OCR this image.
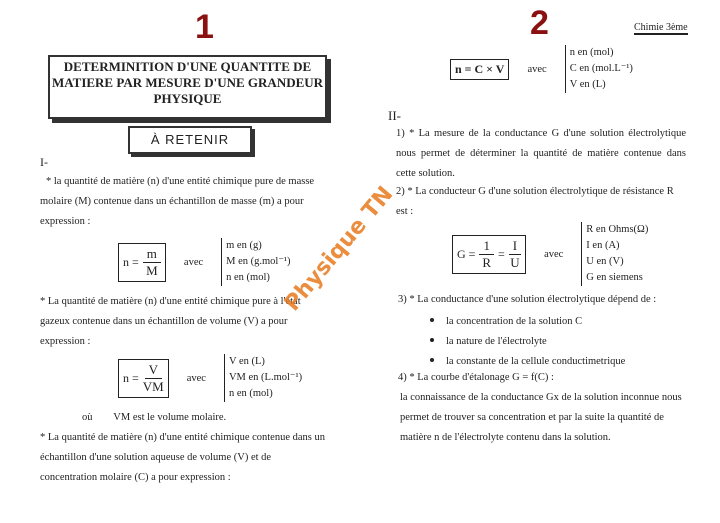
1	2	Chimie 3ème
DETERMINITION D'UNE QUANTITE DE MATIERE PAR MESURE D'UNE GRANDEUR PHYSIQUE
À RETENIR
I-
* la quantité de matière (n) d'une entité chimique pure de masse molaire (M) contenue dans un échantillon de masse (m) a pour expression :
$n = \frac{m}{M}$ avec
m en (g)
M en (g.mol⁻¹)
n en (mol)
* La quantité de matière (n) d'une entité chimique pure à l'état gazeux contenue dans un échantillon de volume (V) a pour expression :
$n = \frac{V}{VM}$ avec
V en (L)
VM en (L.mol⁻¹)
n en (mol)
où        VM est le volume molaire.
* La quantité de matière (n) d'une entité chimique contenue dans un échantillon d'une solution aqueuse de volume (V) et de concentration molaire (C) a pour expression :
Physique TN
n = C × V	avec
n en (mol)
C en (mol.L⁻¹)
V en (L)
II-
1) * La mesure de la conductance G d'une solution électrolytique nous permet de déterminer la quantité de matière contenue dans cette solution.
2) * La conducteur G d'une solution électrolytique de résistance R est :
$G = \frac{1}{R} = \frac{I}{U}$ avec
R en Ohms(Ω)
I en (A)
U en (V)
G en siemens
3) * La conductance d'une solution électrolytique dépend de :
la concentration de la solution C
la nature de l'électrolyte
la constante de la cellule conductimetrique
4) * La courbe d'étalonage G = f(C) :
la connaissance de la conductance Gx de la solution inconnue nous permet de trouver sa concentration et par la suite la quantité de matière n de l'électrolyte contenu dans la solution.
